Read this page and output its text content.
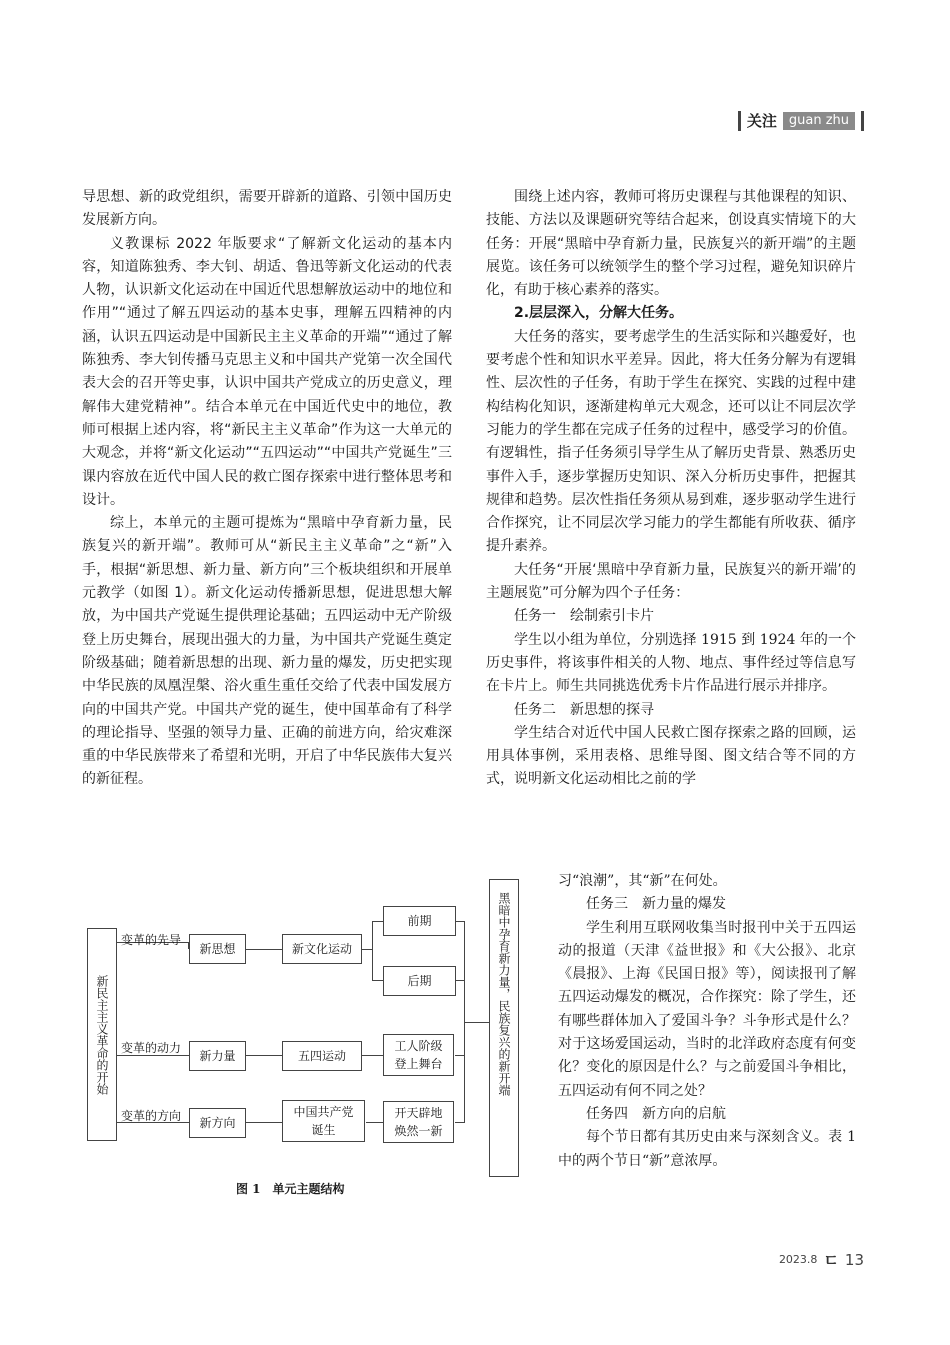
关注 guan zhu

导思想、新的政党组织，需要开辟新的道路、引领中国历史发展新方向。

义教课标 2022 年版要求“了解新文化运动的基本内容，知道陈独秀、李大钊、胡适、鲁迅等新文化运动的代表人物，认识新文化运动在中国近代思想解放运动中的地位和作用”“通过了解五四运动的基本史事，理解五四精神的内涵，认识五四运动是中国新民主主义革命的开端”“通过了解陈独秀、李大钊传播马克思主义和中国共产党第一次全国代表大会的召开等史事，认识中国共产党成立的历史意义，理解伟大建党精神”。结合本单元在中国近代史中的地位，教师可根据上述内容，将“新民主主义革命”作为这一大单元的大观念，并将“新文化运动”“五四运动”“中国共产党诞生”三课内容放在近代中国人民的救亡图存探索中进行整体思考和设计。

综上，本单元的主题可提炼为“黑暗中孕育新力量，民族复兴的新开端”。教师可从“新民主主义革命”之“新”入手，根据“新思想、新力量、新方向”三个板块组织和开展单元教学（如图 1）。新文化运动传播新思想，促进思想大解放，为中国共产党诞生提供理论基础；五四运动中无产阶级登上历史舞台，展现出强大的力量，为中国共产党诞生奠定阶级基础；随着新思想的出现、新力量的爆发，历史把实现中华民族的凤凰涅槃、浴火重生重任交给了代表中国发展方向的中国共产党。中国共产党的诞生，使中国革命有了科学的理论指导、坚强的领导力量、正确的前进方向，给灾难深重的中华民族带来了希望和光明，开启了中华民族伟大复兴的新征程。

围绕上述内容，教师可将历史课程与其他课程的知识、技能、方法以及课题研究等结合起来，创设真实情境下的大任务：开展“黑暗中孕育新力量，民族复兴的新开端”的主题展览。该任务可以统领学生的整个学习过程，避免知识碎片化，有助于核心素养的落实。

2.层层深入，分解大任务。

大任务的落实，要考虑学生的生活实际和兴趣爱好，也要考虑个性和知识水平差异。因此，将大任务分解为有逻辑性、层次性的子任务，有助于学生在探究、实践的过程中建构结构化知识，逐渐建构单元大观念，还可以让不同层次学习能力的学生都在完成子任务的过程中，感受学习的价值。有逻辑性，指子任务须引导学生从了解历史背景、熟悉历史事件入手，逐步掌握历史知识、深入分析历史事件，把握其规律和趋势。层次性指任务须从易到难，逐步驱动学生进行合作探究，让不同层次学习能力的学生都能有所收获、循序提升素养。

大任务“开展‘黑暗中孕育新力量，民族复兴的新开端’的主题展览”可分解为四个子任务：

任务一　绘制索引卡片

学生以小组为单位，分别选择 1915 到 1924 年的一个历史事件，将该事件相关的人物、地点、事件经过等信息写在卡片上。师生共同挑选优秀卡片作品进行展示并排序。

任务二　新思想的探寻

学生结合对近代中国人民救亡图存探索之路的回顾，运用具体事例，采用表格、思维导图、图文结合等不同的方式，说明新文化运动相比之前的学

习“浪潮”，其“新”在何处。

任务三　新力量的爆发

学生利用互联网收集当时报刊中关于五四运动的报道（天津《益世报》和《大公报》、北京《晨报》、上海《民国日报》等），阅读报刊了解五四运动爆发的概况，合作探究：除了学生，还有哪些群体加入了爱国斗争？斗争形式是什么？对于这场爱国运动，当时的北洋政府态度有何变化？变化的原因是什么？与之前爱国斗争相比，五四运动有何不同之处？

任务四　新方向的启航

每个节日都有其历史由来与深刻含义。表 1 中的两个节日“新”意浓厚。

新民主主义革命的开始
变革的先导
变革的动力
变革的方向
新思想
新力量
新方向
新文化运动
五四运动
中国共产党诞生
前期
后期
工人阶级登上舞台
开天辟地焕然一新
黑暗中孕育新力量，民族复兴的新开端
图 1　单元主题结构
2023.8 ㄷ 13
